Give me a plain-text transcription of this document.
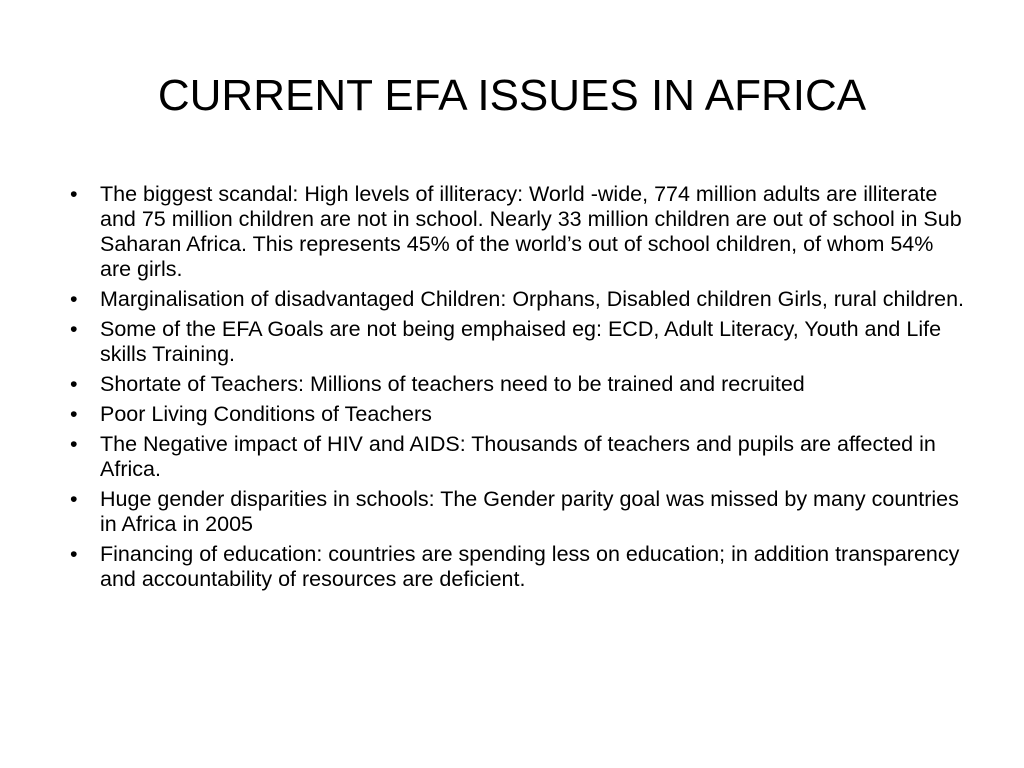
CURRENT EFA ISSUES IN AFRICA
•	The biggest scandal: High levels of illiteracy: World -wide, 774 million adults are illiterate and 75 million children are not in school. Nearly 33 million children are out of school in Sub Saharan Africa. This represents 45% of the world’s out of school children, of whom 54% are girls.
•	Marginalisation of disadvantaged Children: Orphans, Disabled children Girls, rural children.
•	Some of the EFA Goals are not being emphaised eg: ECD, Adult Literacy, Youth and Life skills Training.
•	Shortate of Teachers: Millions of teachers need to be trained and recruited
•	Poor Living Conditions of Teachers
•	The Negative impact of HIV and AIDS: Thousands of teachers and pupils are affected in Africa.
•	Huge gender disparities in schools: The Gender parity goal was missed by many countries in Africa in 2005
•	Financing of education: countries are spending less on education; in addition transparency and accountability of resources are deficient.
